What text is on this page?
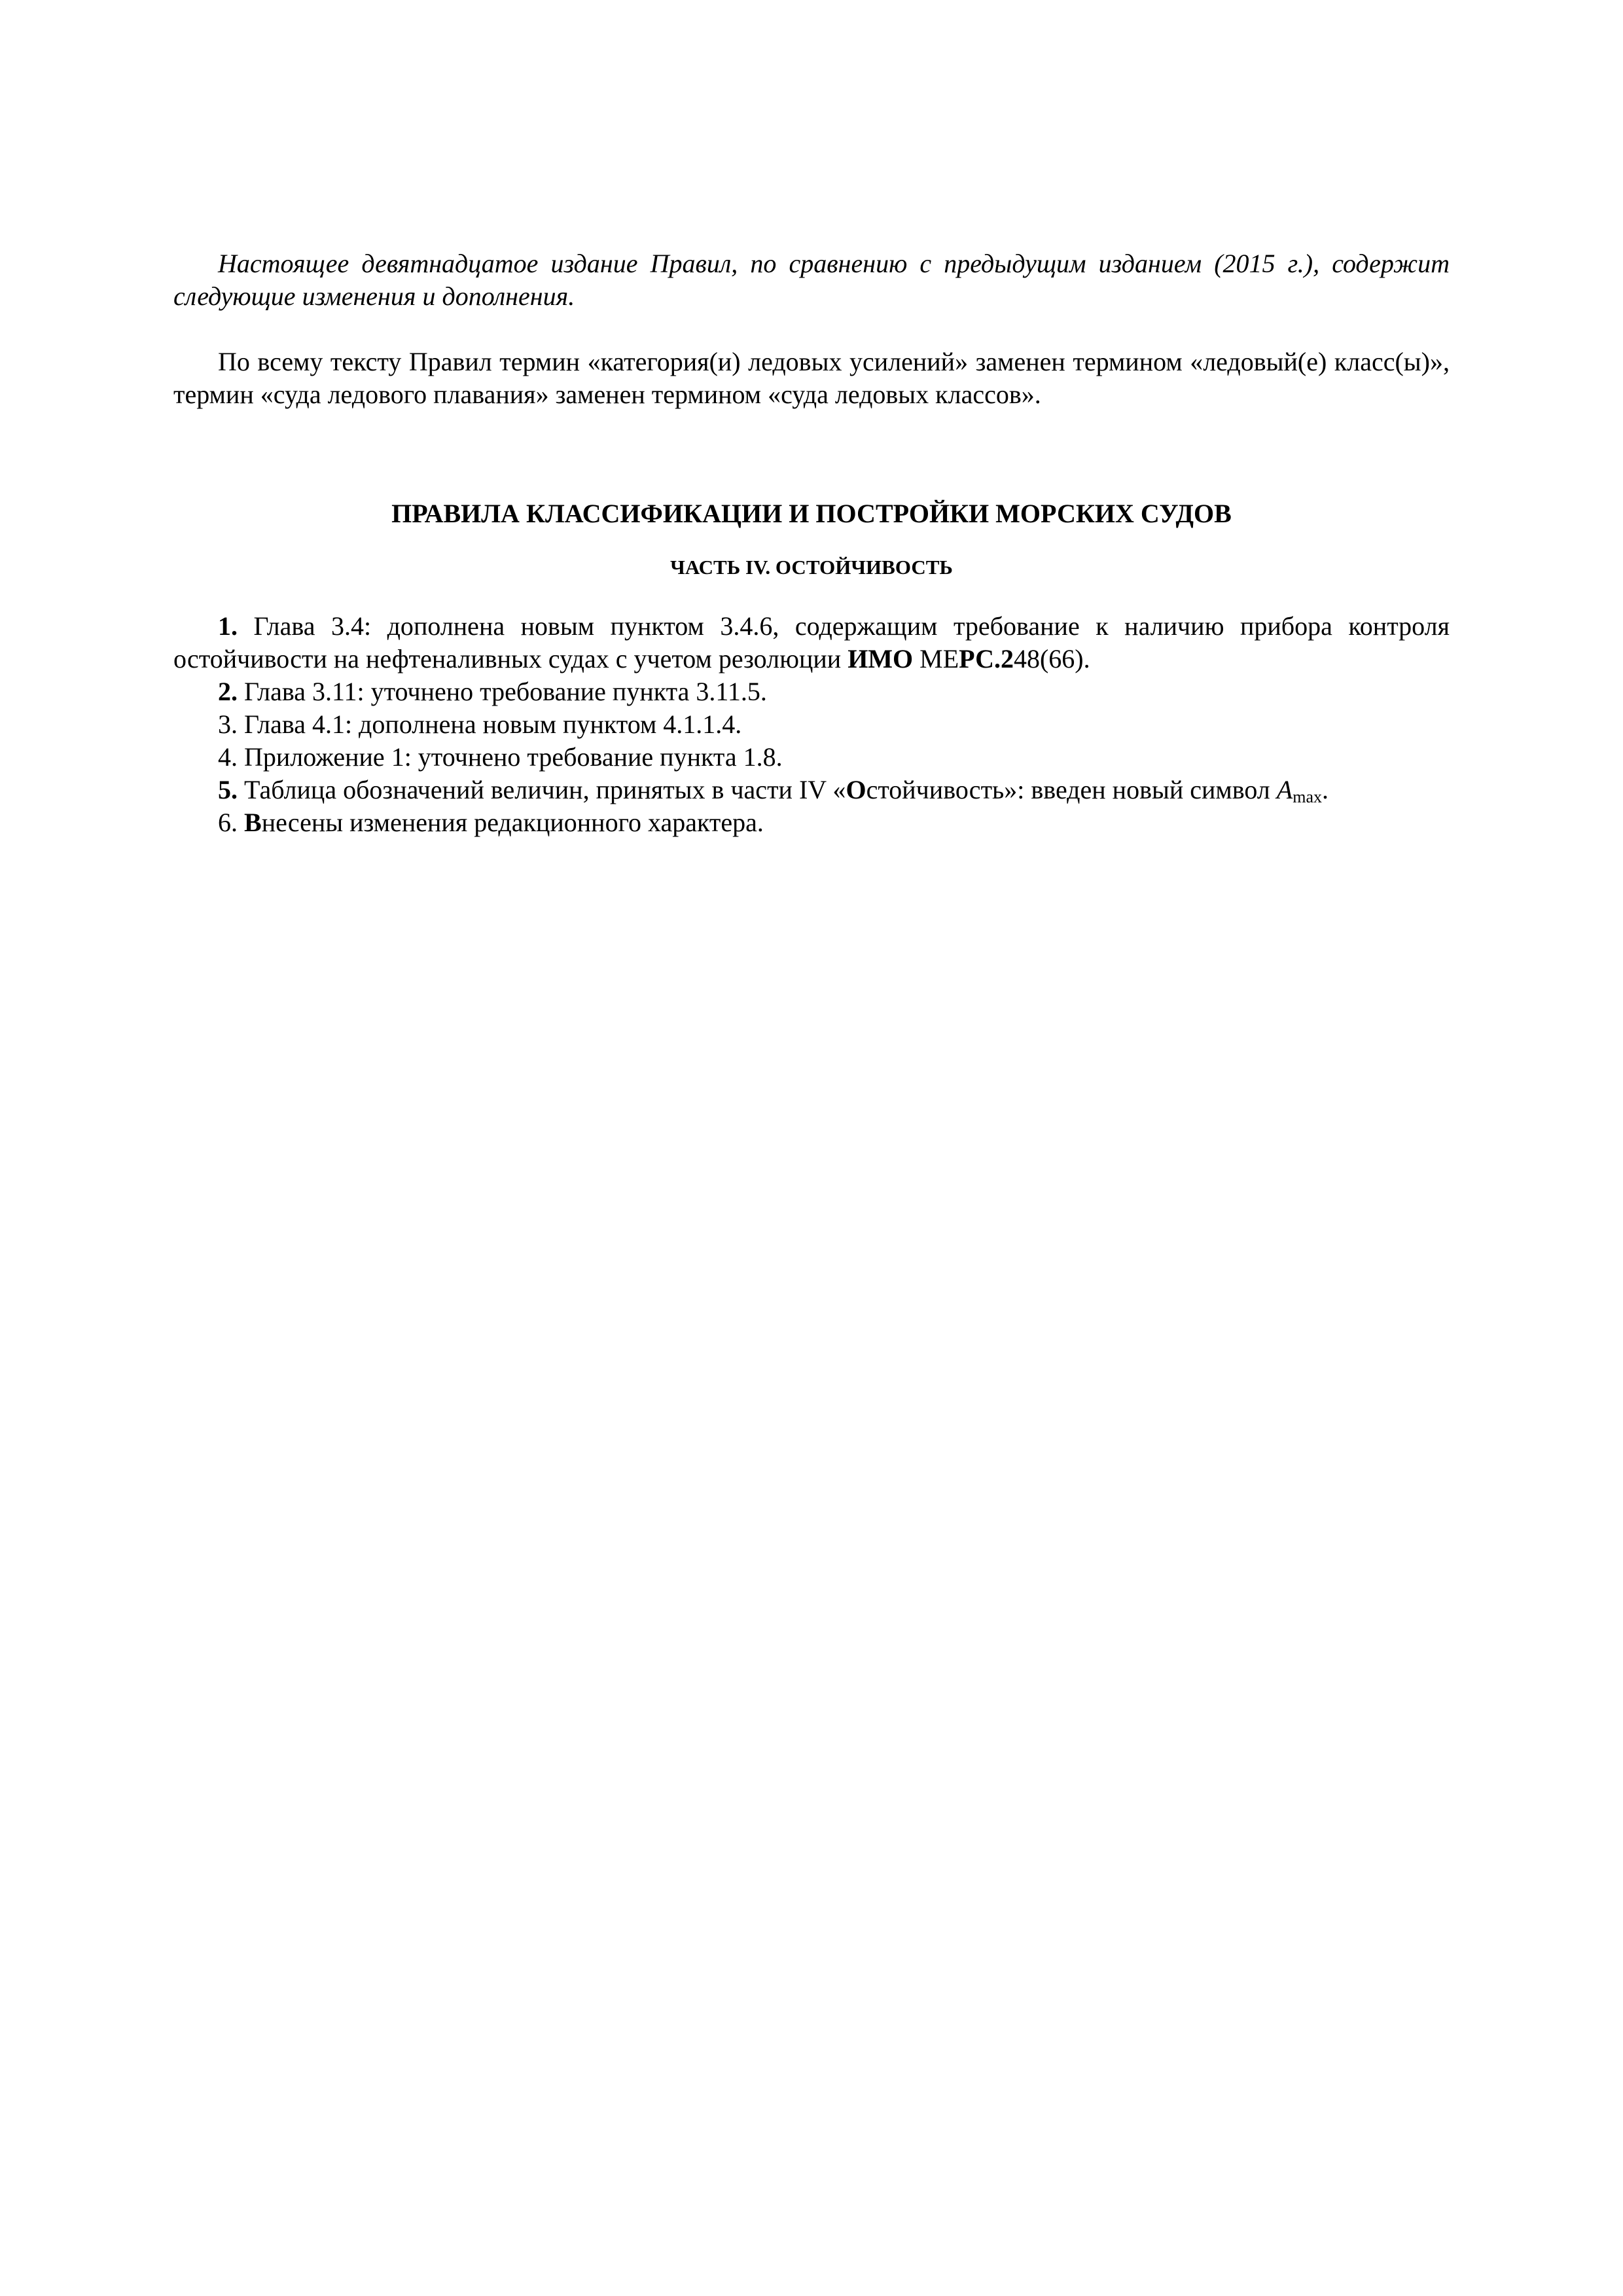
Настоящее девятнадцатое издание Правил, по сравнению с предыдущим изданием (2015 г.), содержит следующие изменения и дополнения.

По всему тексту Правил термин «категория(и) ледовых усилений» заменен термином «ледовый(е) класс(ы)», термин «суда ледового плавания» заменен термином «суда ледовых классов».

ПРАВИЛА КЛАССИФИКАЦИИ И ПОСТРОЙКИ МОРСКИХ СУДОВ

ЧАСТЬ IV. ОСТОЙЧИВОСТЬ

1. Глава 3.4: дополнена новым пунктом 3.4.6, содержащим требование к наличию прибора контроля остойчивости на нефтеналивных судах с учетом резолюции ИМО МЕРС.248(66).
2. Глава 3.11: уточнено требование пункта 3.11.5.
3. Глава 4.1: дополнена новым пунктом 4.1.1.4.
4. Приложение 1: уточнено требование пункта 1.8.
5. Таблица обозначений величин, принятых в части IV «Остойчивость»: введен новый символ $A_{max}$.
6. Внесены изменения редакционного характера.
